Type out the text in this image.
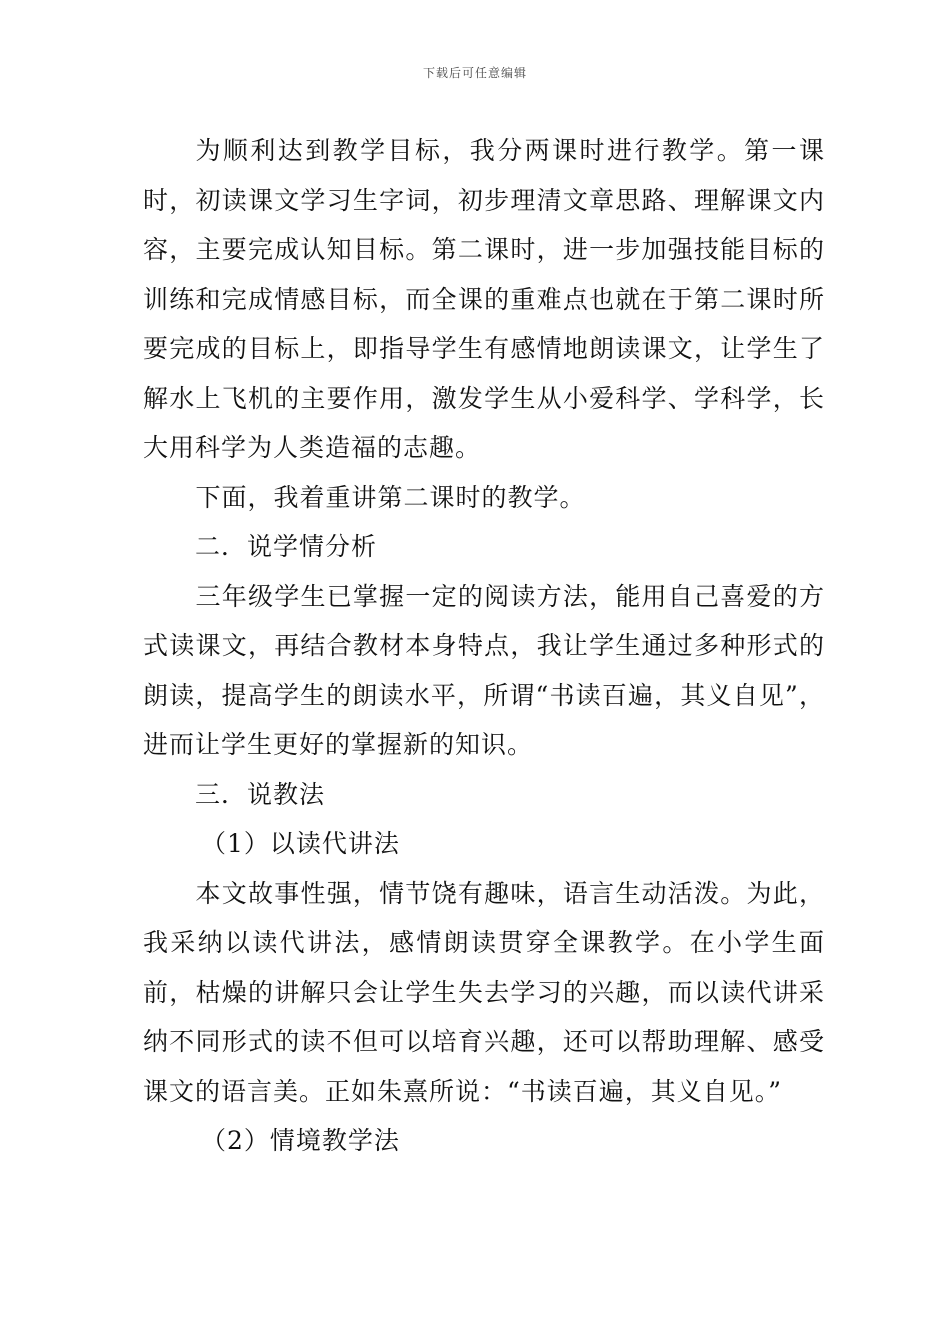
下载后可任意编辑

为顺利达到教学目标，我分两课时进行教学。第一课时，初读课文学习生字词，初步理清文章思路、理解课文内容，主要完成认知目标。第二课时，进一步加强技能目标的训练和完成情感目标，而全课的重难点也就在于第二课时所要完成的目标上，即指导学生有感情地朗读课文，让学生了解水上飞机的主要作用，激发学生从小爱科学、学科学，长大用科学为人类造福的志趣。

下面，我着重讲第二课时的教学。

二．说学情分析

三年级学生已掌握一定的阅读方法，能用自己喜爱的方式读课文，再结合教材本身特点，我让学生通过多种形式的朗读，提高学生的朗读水平，所谓“书读百遍，其义自见”，进而让学生更好的掌握新的知识。

三．说教法

（1）以读代讲法

本文故事性强，情节饶有趣味，语言生动活泼。为此，我采纳以读代讲法，感情朗读贯穿全课教学。在小学生面前，枯燥的讲解只会让学生失去学习的兴趣，而以读代讲采纳不同形式的读不但可以培育兴趣，还可以帮助理解、感受课文的语言美。正如朱熹所说：“书读百遍，其义自见。”

（2）情境教学法
